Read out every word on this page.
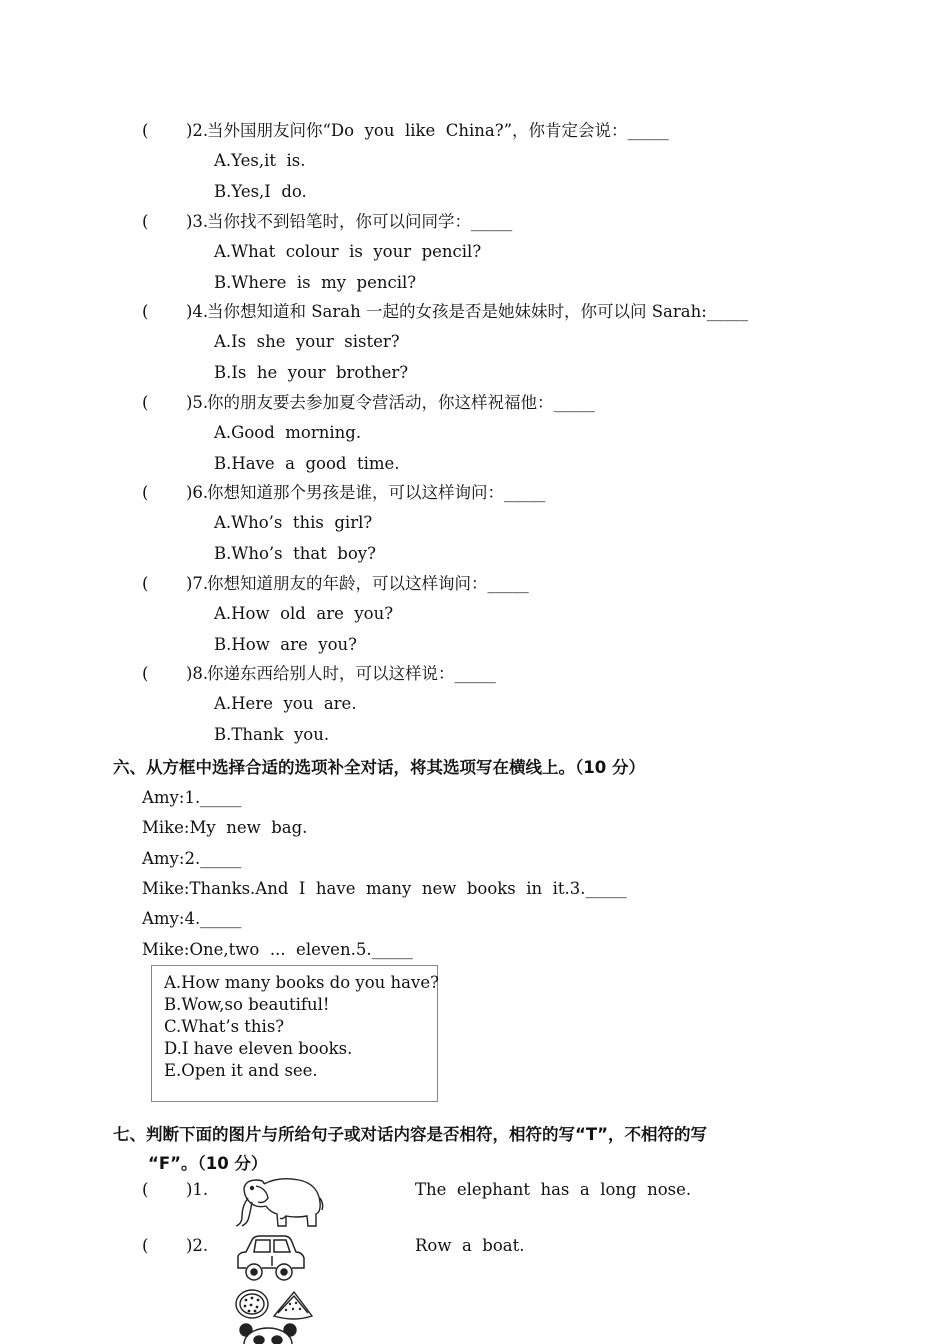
( )2.
当外国朋友问你“Do  you  like  China?”，你肯定会说：_____
A.Yes,it  is.
B.Yes,I  do.
( )3.
当你找不到铅笔时，你可以问同学：_____
A.What  colour  is  your  pencil?
B.Where  is  my  pencil?
( )4.
当你想知道和 Sarah 一起的女孩是否是她妹妹时，你可以问 Sarah:_____
A.Is  she  your  sister?
B.Is  he  your  brother?
( )5.
你的朋友要去参加夏令营活动，你这样祝福他：_____
A.Good  morning.
B.Have  a  good  time.
( )6.
你想知道那个男孩是谁，可以这样询问：_____
A.Who’s  this  girl?
B.Who’s  that  boy?
( )7.
你想知道朋友的年龄，可以这样询问：_____
A.How  old  are  you?
B.How  are  you?
( )8.
你递东西给别人时，可以这样说：_____
A.Here  you  are.
B.Thank  you.
六、从方框中选择合适的选项补全对话，将其选项写在横线上。（10 分）
Amy:1._____
Mike:My  new  bag.
Amy:2._____
Mike:Thanks.And  I  have  many  new  books  in  it.3._____
Amy:4._____
Mike:One,two  ...  eleven.5._____
A.How many books do you have?
B.Wow,so beautiful!
C.What’s this?
D.I have eleven books.
E.Open it and see.
七、判断下面的图片与所给句子或对话内容是否相符，相符的写“T”，不相符的写
“F”。（10 分）
( )1.	The  elephant  has  a  long  nose.
( )2.	Row  a  boat.
